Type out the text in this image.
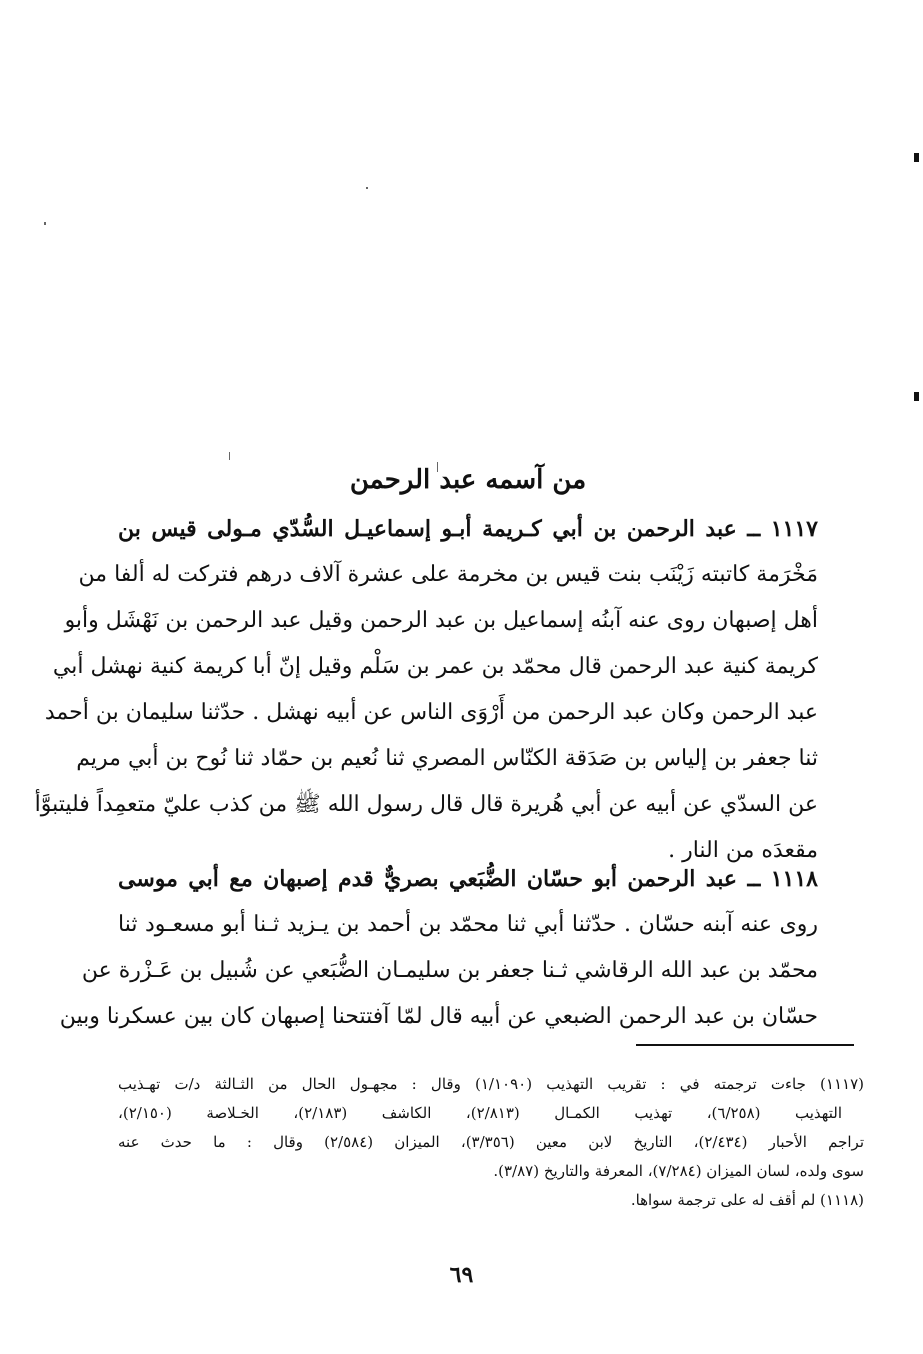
من آسمه عبد الرحمن
١١١٧ ــ عبد الرحمن بن أبي كـريمة أبـو إسماعيـل السُّدّي مـولى قيس بن
مَخْرَمة كاتبته زَيْنَب بنت قيس بن مخرمة على عشرة آلاف درهم فتركت له ألفا من
أهل إصبهان روى عنه آبنُه إسماعيل بن عبد الرحمن وقيل عبد الرحمن بن نَهْشَل وأبو
كريمة كنية عبد الرحمن قال محمّد بن عمر بن سَلْم وقيل إنّ أبا كريمة كنية نهشل أبي
عبد الرحمن وكان عبد الرحمن من أَرْوَى الناس عن أبيه نهشل . حدّثنا سليمان بن أحمد
ثنا جعفر بن إلياس بن صَدَقة الكنّاس المصري ثنا نُعيم بن حمّاد ثنا نُوح بن أبي مريم
عن السدّي عن أبيه عن أبي هُريرة قال قال رسول الله ﷺ من كذب عليّ متعمِداً فليتبوَّأ
مقعدَه من النار .
١١١٨ ــ عبد الرحمن أبو حسّان الضُّبَعي بصريٌّ قدم إصبهان مع أبي موسى
روى عنه آبنه حسّان . حدّثنا أبي ثنا محمّد بن أحمد بن يـزيد ثـنا أبو مسعـود ثنا
محمّد بن عبد الله الرقاشي ثـنا جعفر بن سليمـان الضُّبَعي عن شُبيل بن عَـزْرة عن
حسّان بن عبد الرحمن الضبعي عن أبيه قال لمّا آفتتحنا إصبهان كان بين عسكرنا وبين
(١١١٧) جاءت ترجمته في : تقريب التهذيب (١/١٠٩٠) وقال : مجهـول الحال من الثـالثة د/ت تهـذيب
التهذيب (٦/٢٥٨)، تهذيب الكمـال (٢/٨١٣)، الكاشف (٢/١٨٣)، الخـلاصة (٢/١٥٠)،
تراجم الأحبار (٢/٤٣٤)، التاريخ لابن معين (٣/٣٥٦)، الميزان (٢/٥٨٤) وقال : ما حدث عنه
سوى ولده، لسان الميزان (٧/٢٨٤)، المعرفة والتاريخ (٣/٨٧).
(١١١٨) لم أقف له على ترجمة سواها.
٦٩
